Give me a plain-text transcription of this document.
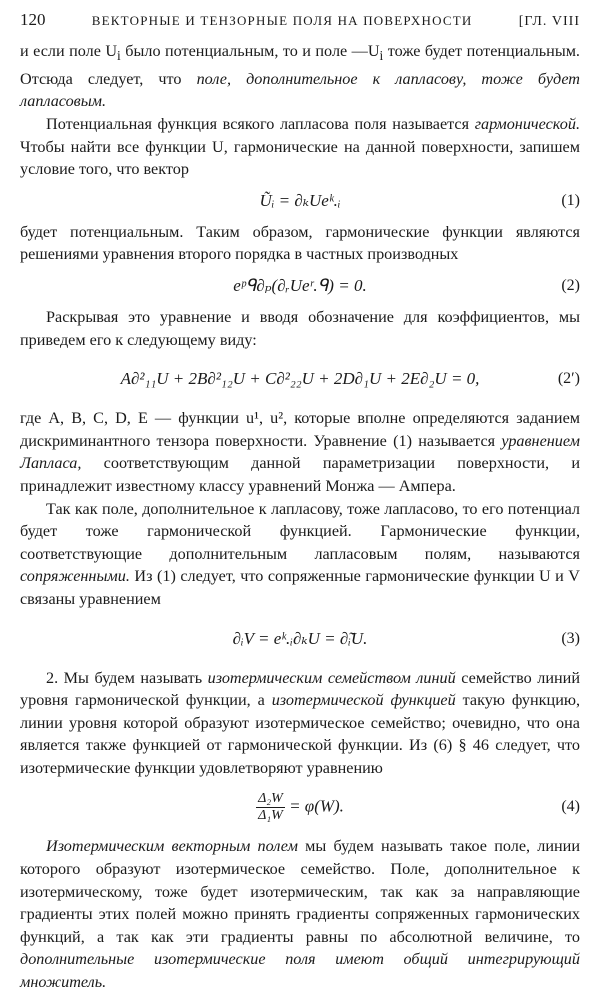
120	ВЕКТОРНЫЕ И ТЕНЗОРНЫЕ ПОЛЯ НА ПОВЕРХНОСТИ	[ГЛ. VIII

и если поле $U_i$ было потенциальным, то и поле $—U_i$ тоже будет потенциальным. Отсюда следует, что поле, дополнительное к лапласову, тоже будет лапласовым.

Потенциальная функция всякого лапласова поля называется гармонической. Чтобы найти все функции U, гармонические на данной поверхности, запишем условие того, что вектор

Ũᵢ = ∂ₖUeᵏ.ᵢ	(1)

будет потенциальным. Таким образом, гармонические функции являются решениями уравнения второго порядка в частных производных

eᵖᑫ∂ₚ(∂ᵣUeʳ.ᑫ) = 0.	(2)

Раскрывая это уравнение и вводя обозначение для коэффициентов, мы приведем его к следующему виду:

A∂²₁₁U + 2B∂²₁₂U + C∂²₂₂U + 2D∂₁U + 2E∂₂U = 0,	(2′)

где A, B, C, D, E — функции u¹, u², которые вполне определяются заданием дискриминантного тензора поверхности. Уравнение (1) называется уравнением Лапласа, соответствующим данной параметризации поверхности, и принадлежит известному классу уравнений Монжа — Ампера.

Так как поле, дополнительное к лапласову, тоже лапласово, то его потенциал будет тоже гармонической функцией. Гармонические функции, соответствующие дополнительным лапласовым полям, называются сопряженными. Из (1) следует, что сопряженные гармонические функции U и V связаны уравнением

∂ᵢV = eᵏ.ᵢ∂ₖU = ∂̃ᵢU.	(3)

2. Мы будем называть изотермическим семейством линий семейство линий уровня гармонической функции, а изотермической функцией такую функцию, линии уровня которой образуют изотермическое семейство; очевидно, что она является также функцией от гармонической функции. Из (6) § 46 следует, что изотермические функции удовлетворяют уравнению

$\frac{\text{Δ₂W}}{\text{Δ₁W}} = \varphi(W)$.	(4)

Изотермическим векторным полем мы будем называть такое поле, линии которого образуют изотермическое семейство. Поле, дополнительное к изотермическому, тоже будет изотермическим, так как за направляющие градиенты этих полей можно принять градиенты сопряженных гармонических функций, а так как эти градиенты равны по абсолютной величине, то дополнительные изотермические поля имеют общий интегрирующий множитель.
